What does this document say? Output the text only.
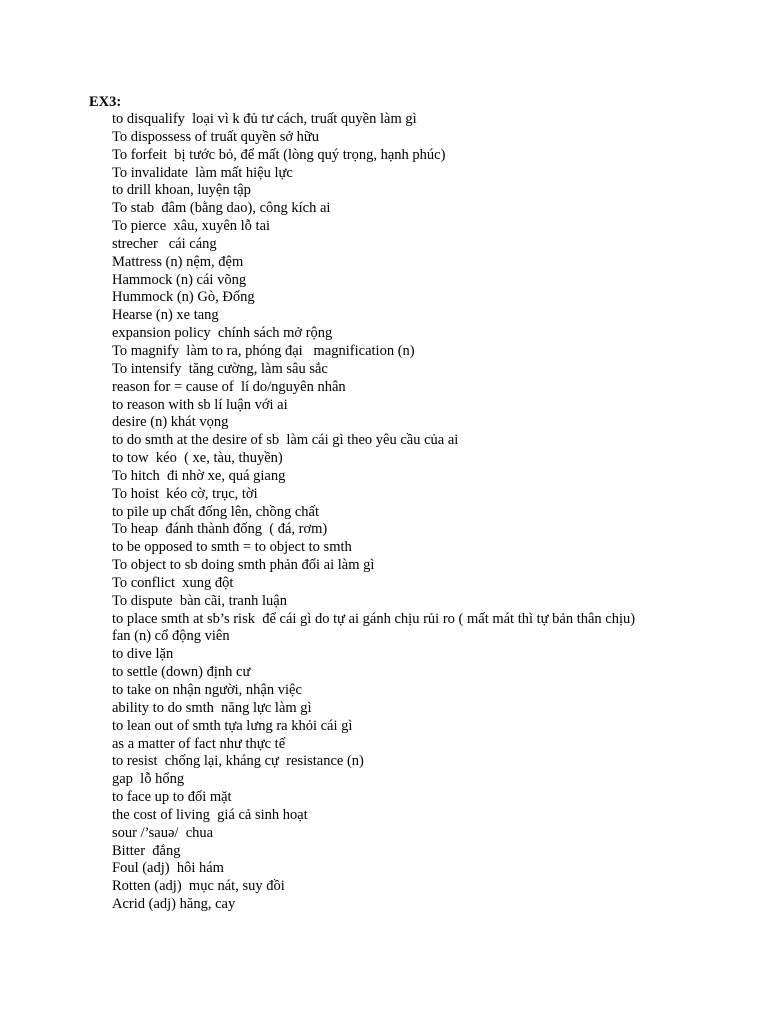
EX3:
to disqualify  loại vì k đủ tư cách, truất quyền làm gì
To dispossess of truất quyền sở hữu
To forfeit  bị tước bỏ, để mất (lòng quý trọng, hạnh phúc)
To invalidate  làm mất hiệu lực
to drill khoan, luyện tập
To stab  đâm (bằng dao), công kích ai
To pierce  xâu, xuyên lỗ tai
strecher   cái cáng
Mattress (n) nệm, đệm
Hammock (n) cái võng
Hummock (n) Gò, Đống
Hearse (n) xe tang
expansion policy  chính sách mở rộng
To magnify  làm to ra, phóng đại   magnification (n)
To intensify  tăng cường, làm sâu sắc
reason for = cause of  lí do/nguyên nhân
to reason with sb lí luận với ai
desire (n) khát vọng
to do smth at the desire of sb  làm cái gì theo yêu cầu của ai
to tow  kéo  ( xe, tàu, thuyền)
To hitch  đi nhờ xe, quá giang
To hoist  kéo cờ, trục, tời
to pile up chất đống lên, chồng chất
To heap  đánh thành đống  ( đá, rơm)
to be opposed to smth = to object to smth
To object to sb doing smth phản đối ai làm gì
To conflict  xung đột
To dispute  bàn cãi, tranh luận
to place smth at sb’s risk  để cái gì do tự ai gánh chịu rủi ro ( mất mát thì tự bản thân chịu)
fan (n) cổ động viên
to dive lặn
to settle (down) định cư
to take on nhận người, nhận việc
ability to do smth  năng lực làm gì
to lean out of smth tựa lưng ra khỏi cái gì
as a matter of fact như thực tế
to resist  chống lại, kháng cự  resistance (n)
gap  lỗ hổng
to face up to đối mặt
the cost of living  giá cả sinh hoạt
sour /’sauə/  chua
Bitter  đắng
Foul (adj)  hôi hám
Rotten (adj)  mục nát, suy đồi
Acrid (adj) hăng, cay
